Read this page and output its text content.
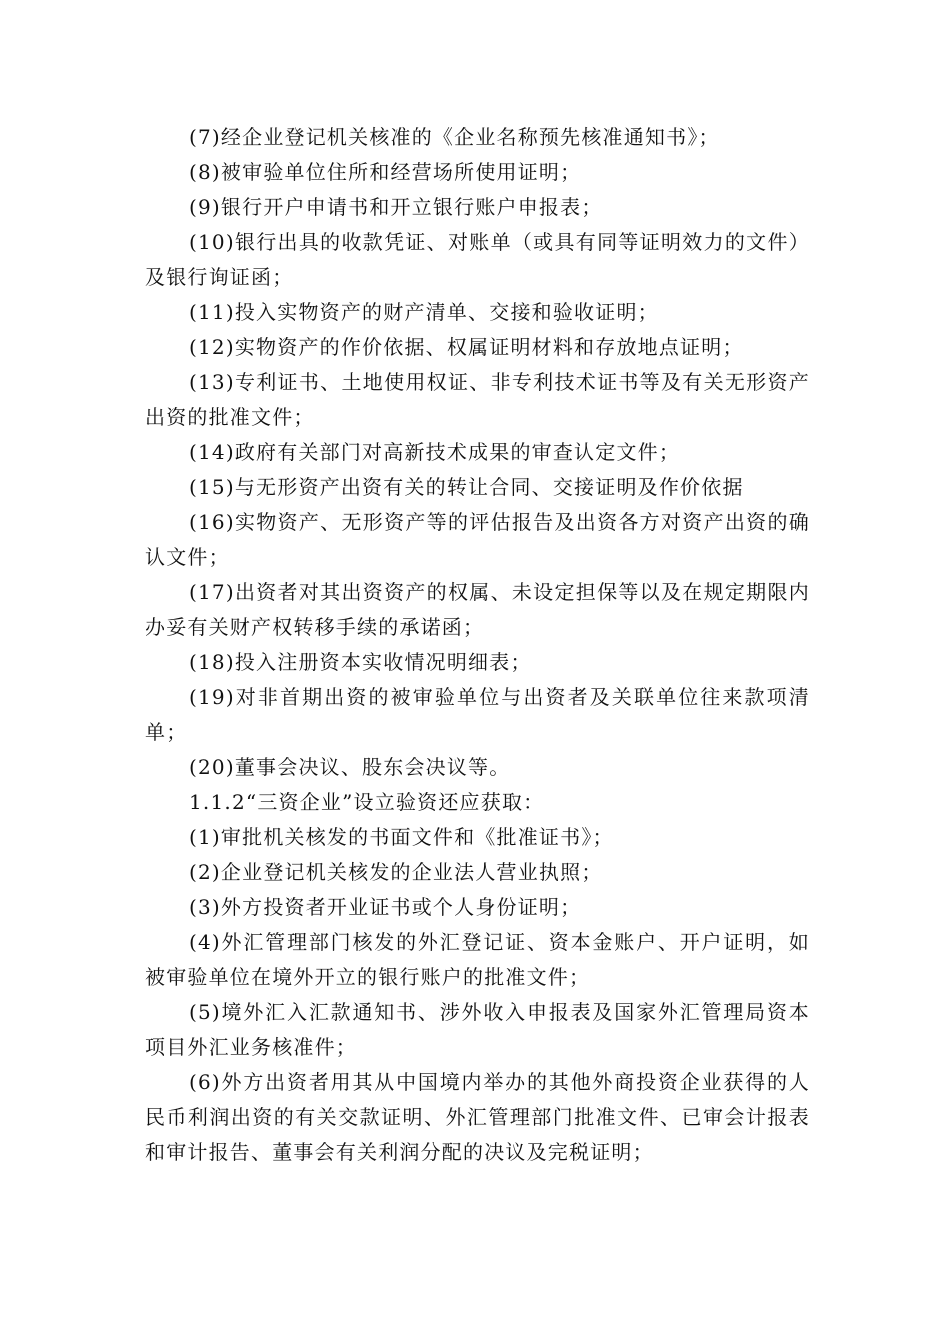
(7)经企业登记机关核准的《企业名称预先核准通知书》；

(8)被审验单位住所和经营场所使用证明；

(9)银行开户申请书和开立银行账户申报表；

(10)银行出具的收款凭证、对账单（或具有同等证明效力的文件）及银行询证函；

(11)投入实物资产的财产清单、交接和验收证明；

(12)实物资产的作价依据、权属证明材料和存放地点证明；

(13)专利证书、土地使用权证、非专利技术证书等及有关无形资产出资的批准文件；

(14)政府有关部门对高新技术成果的审查认定文件；

(15)与无形资产出资有关的转让合同、交接证明及作价依据

(16)实物资产、无形资产等的评估报告及出资各方对资产出资的确认文件；

(17)出资者对其出资资产的权属、未设定担保等以及在规定期限内办妥有关财产权转移手续的承诺函；

(18)投入注册资本实收情况明细表；

(19)对非首期出资的被审验单位与出资者及关联单位往来款项清单；

(20)董事会决议、股东会决议等。

1.1.2“三资企业”设立验资还应获取：

(1)审批机关核发的书面文件和《批准证书》；

(2)企业登记机关核发的企业法人营业执照；

(3)外方投资者开业证书或个人身份证明；

(4)外汇管理部门核发的外汇登记证、资本金账户、开户证明，如被审验单位在境外开立的银行账户的批准文件；

(5)境外汇入汇款通知书、涉外收入申报表及国家外汇管理局资本项目外汇业务核准件；

(6)外方出资者用其从中国境内举办的其他外商投资企业获得的人民币利润出资的有关交款证明、外汇管理部门批准文件、已审会计报表和审计报告、董事会有关利润分配的决议及完税证明；
